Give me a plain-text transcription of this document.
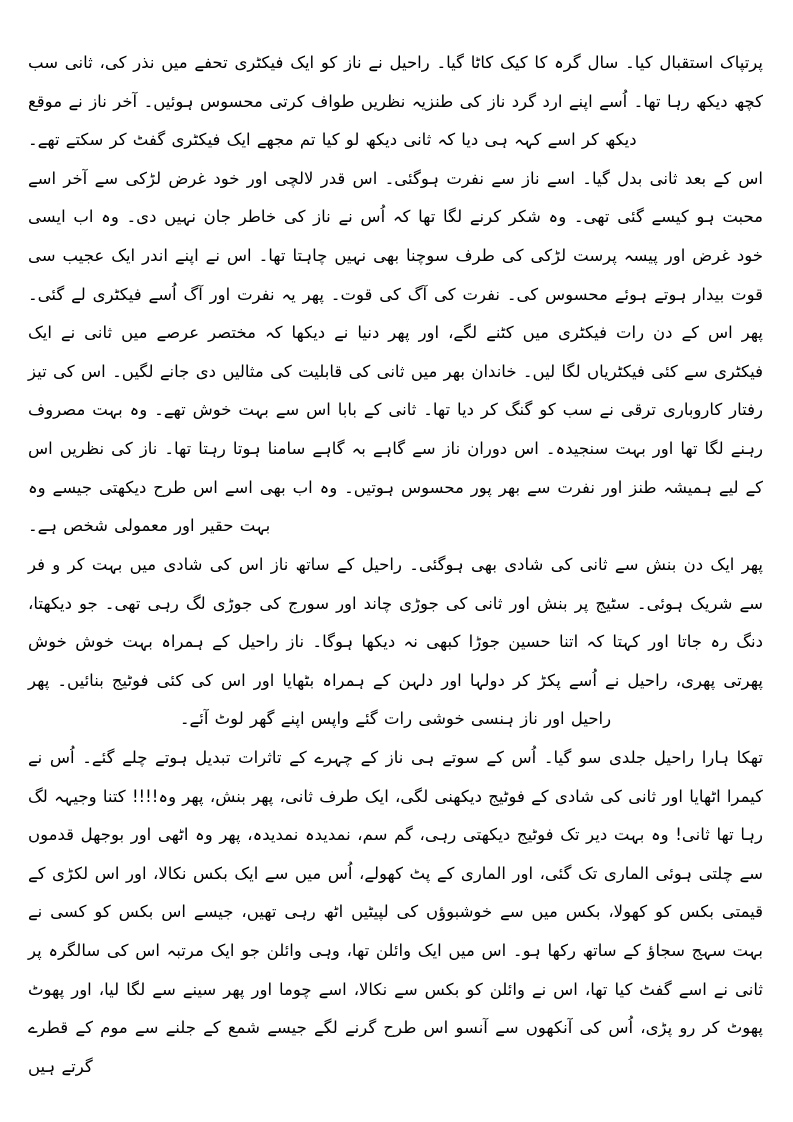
پرتپاک استقبال کیا۔ سال گرہ کا کیک کاٹا گیا۔ راحیل نے ناز کو ایک فیکٹری تحفے میں نذر کی، ثانی سب کچھ دیکھ رہا تھا۔ اُسے اپنے ارد گرد ناز کی طنزیہ نظریں طواف کرتی محسوس ہوئیں۔ آخر ناز نے موقع دیکھ کر اسے کہہ ہی دیا کہ ثانی دیکھ لو کیا تم مجھے ایک فیکٹری گفٹ کر سکتے تھے۔

اس کے بعد ثانی بدل گیا۔ اسے ناز سے نفرت ہوگئی۔ اس قدر لالچی اور خود غرض لڑکی سے آخر اسے محبت ہو کیسے گئی تھی۔ وہ شکر کرنے لگا تھا کہ اُس نے ناز کی خاطر جان نہیں دی۔ وہ اب ایسی خود غرض اور پیسہ پرست لڑکی کی طرف سوچنا بھی نہیں چاہتا تھا۔ اس نے اپنے اندر ایک عجیب سی قوت بیدار ہوتے ہوئے محسوس کی۔ نفرت کی آگ کی قوت۔ پھر یہ نفرت اور آگ اُسے فیکٹری لے گئی۔ پھر اس کے دن رات فیکٹری میں کٹنے لگے، اور پھر دنیا نے دیکھا کہ مختصر عرصے میں ثانی نے ایک فیکٹری سے کئی فیکٹریاں لگا لیں۔ خاندان بھر میں ثانی کی قابلیت کی مثالیں دی جانے لگیں۔ اس کی تیز رفتار کاروباری ترقی نے سب کو گنگ کر دیا تھا۔ ثانی کے بابا اس سے بہت خوش تھے۔ وہ بہت مصروف رہنے لگا تھا اور بہت سنجیدہ۔ اس دوران ناز سے گاہے بہ گاہے سامنا ہوتا رہتا تھا۔ ناز کی نظریں اس کے لیے ہمیشہ طنز اور نفرت سے بھر پور محسوس ہوتیں۔ وہ اب بھی اسے اس طرح دیکھتی جیسے وہ بہت حقیر اور معمولی شخص ہے۔

پھر ایک دن بنش سے ثانی کی شادی بھی ہوگئی۔ راحیل کے ساتھ ناز اس کی شادی میں بہت کر و فر سے شریک ہوئی۔ سٹیج پر بنش اور ثانی کی جوڑی چاند اور سورج کی جوڑی لگ رہی تھی۔ جو دیکھتا، دنگ رہ جاتا اور کہتا کہ اتنا حسین جوڑا کبھی نہ دیکھا ہوگا۔ ناز راحیل کے ہمراہ بہت خوش خوش پھرتی پھری، راحیل نے اُسے پکڑ کر دولہا اور دلہن کے ہمراہ بٹھایا اور اس کی کئی فوٹیج بنائیں۔ پھر راحیل اور ناز ہنسی خوشی رات گئے واپس اپنے گھر لوٹ آئے۔

تھکا ہارا راحیل جلدی سو گیا۔ اُس کے سوتے ہی ناز کے چہرے کے تاثرات تبدیل ہوتے چلے گئے۔ اُس نے کیمرا اٹھایا اور ثانی کی شادی کے فوٹیج دیکھنی لگی، ایک طرف ثانی، پھر بنش، پھر وہ!!!! کتنا وجیہہ لگ رہا تھا ثانی! وہ بہت دیر تک فوٹیج دیکھتی رہی، گم سم، نمدیدہ نمدیدہ، پھر وہ اٹھی اور بوجھل قدموں سے چلتی ہوئی الماری تک گئی، اور الماری کے پٹ کھولے، اُس میں سے ایک بکس نکالا، اور اس لکڑی کے قیمتی بکس کو کھولا، بکس میں سے خوشبوؤں کی لپیٹیں اٹھ رہی تھیں، جیسے اس بکس کو کسی نے بہت سہج سجاؤ کے ساتھ رکھا ہو۔ اس میں ایک وائلن تھا، وہی وائلن جو ایک مرتبہ اس کی سالگرہ پر ثانی نے اسے گفٹ کیا تھا، اس نے وائلن کو بکس سے نکالا، اسے چوما اور پھر سینے سے لگا لیا، اور پھوٹ پھوٹ کر رو پڑی، اُس کی آنکھوں سے آنسو اس طرح گرنے لگے جیسے شمع کے جلنے سے موم کے قطرے گرتے ہیں
